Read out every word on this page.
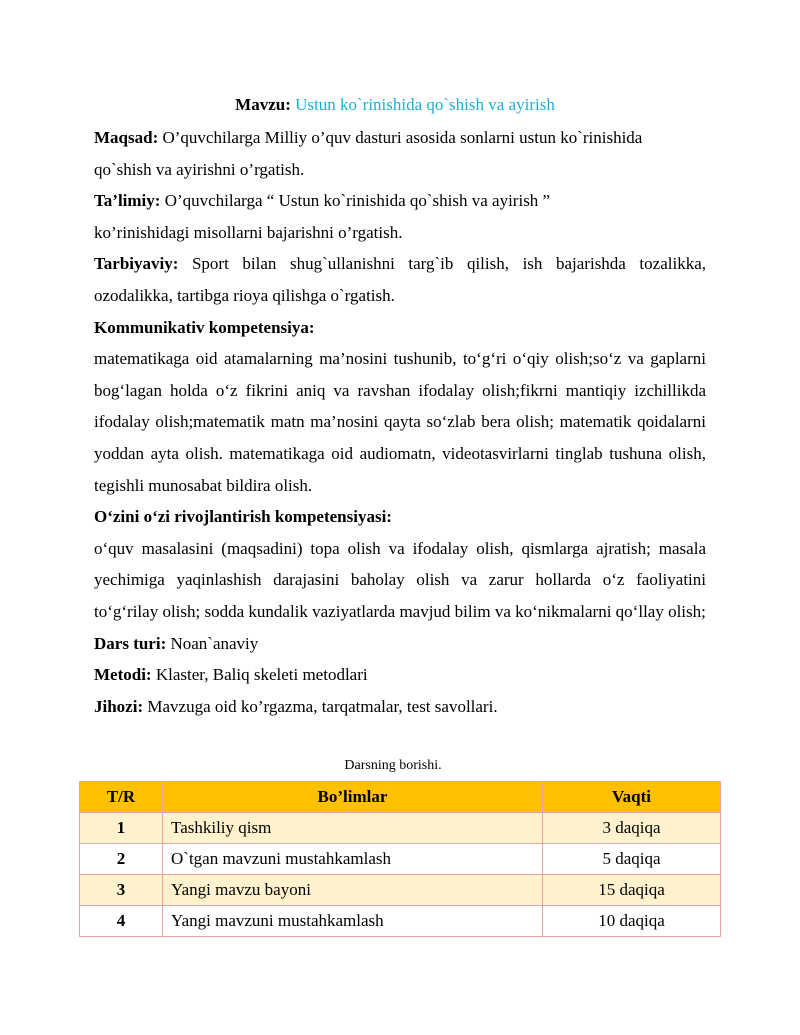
Mavzu: Ustun ko`rinishida qo`shish va ayirish

Maqsad: O’quvchilarga Milliy o’quv dasturi asosida sonlarni ustun ko`rinishida

qo`shish va ayirishni o’rgatish.

Ta’limiy: O’quvchilarga “ Ustun ko`rinishida qo`shish va ayirish ”

ko’rinishidagi misollarni bajarishni o’rgatish.

Tarbiyaviy: Sport bilan shug`ullanishni targ`ib qilish, ish bajarishda tozalikka, ozodalikka, tartibga rioya qilishga o`rgatish.

Kommunikativ kompetensiya:

matematikaga oid atamalarning ma’nosini tushunib, to‘g‘ri o‘qiy olish;so‘z va gaplarni bog‘lagan holda o‘z fikrini aniq va ravshan ifodalay olish;fikrni mantiqiy izchillikda ifodalay olish;matematik matn ma’nosini qayta so‘zlab bera olish; matematik qoidalarni yoddan ayta olish. matematikaga oid audiomatn, videotasvirlarni tinglab tushuna olish, tegishli munosabat bildira olish.

O‘zini o‘zi rivojlantirish kompetensiyasi:

o‘quv masalasini (maqsadini) topa olish va ifodalay olish, qismlarga ajratish; masala yechimiga yaqinlashish darajasini baholay olish va zarur hollarda o‘z faoliyatini to‘g‘rilay olish; sodda kundalik vaziyatlarda mavjud bilim va ko‘nikmalarni qo‘llay olish;

Dars turi: Noan`anaviy

Metodi: Klaster, Baliq skeleti metodlari

Jihozi: Mavzuga oid ko’rgazma, tarqatmalar, test savollari.

Darsning borishi.
T/R	Bo’limlar	Vaqti
1	Tashkiliy qism	3 daqiqa
2	O`tgan mavzuni mustahkamlash	5 daqiqa
3	Yangi mavzu bayoni	15 daqiqa
4	Yangi mavzuni mustahkamlash	10 daqiqa
